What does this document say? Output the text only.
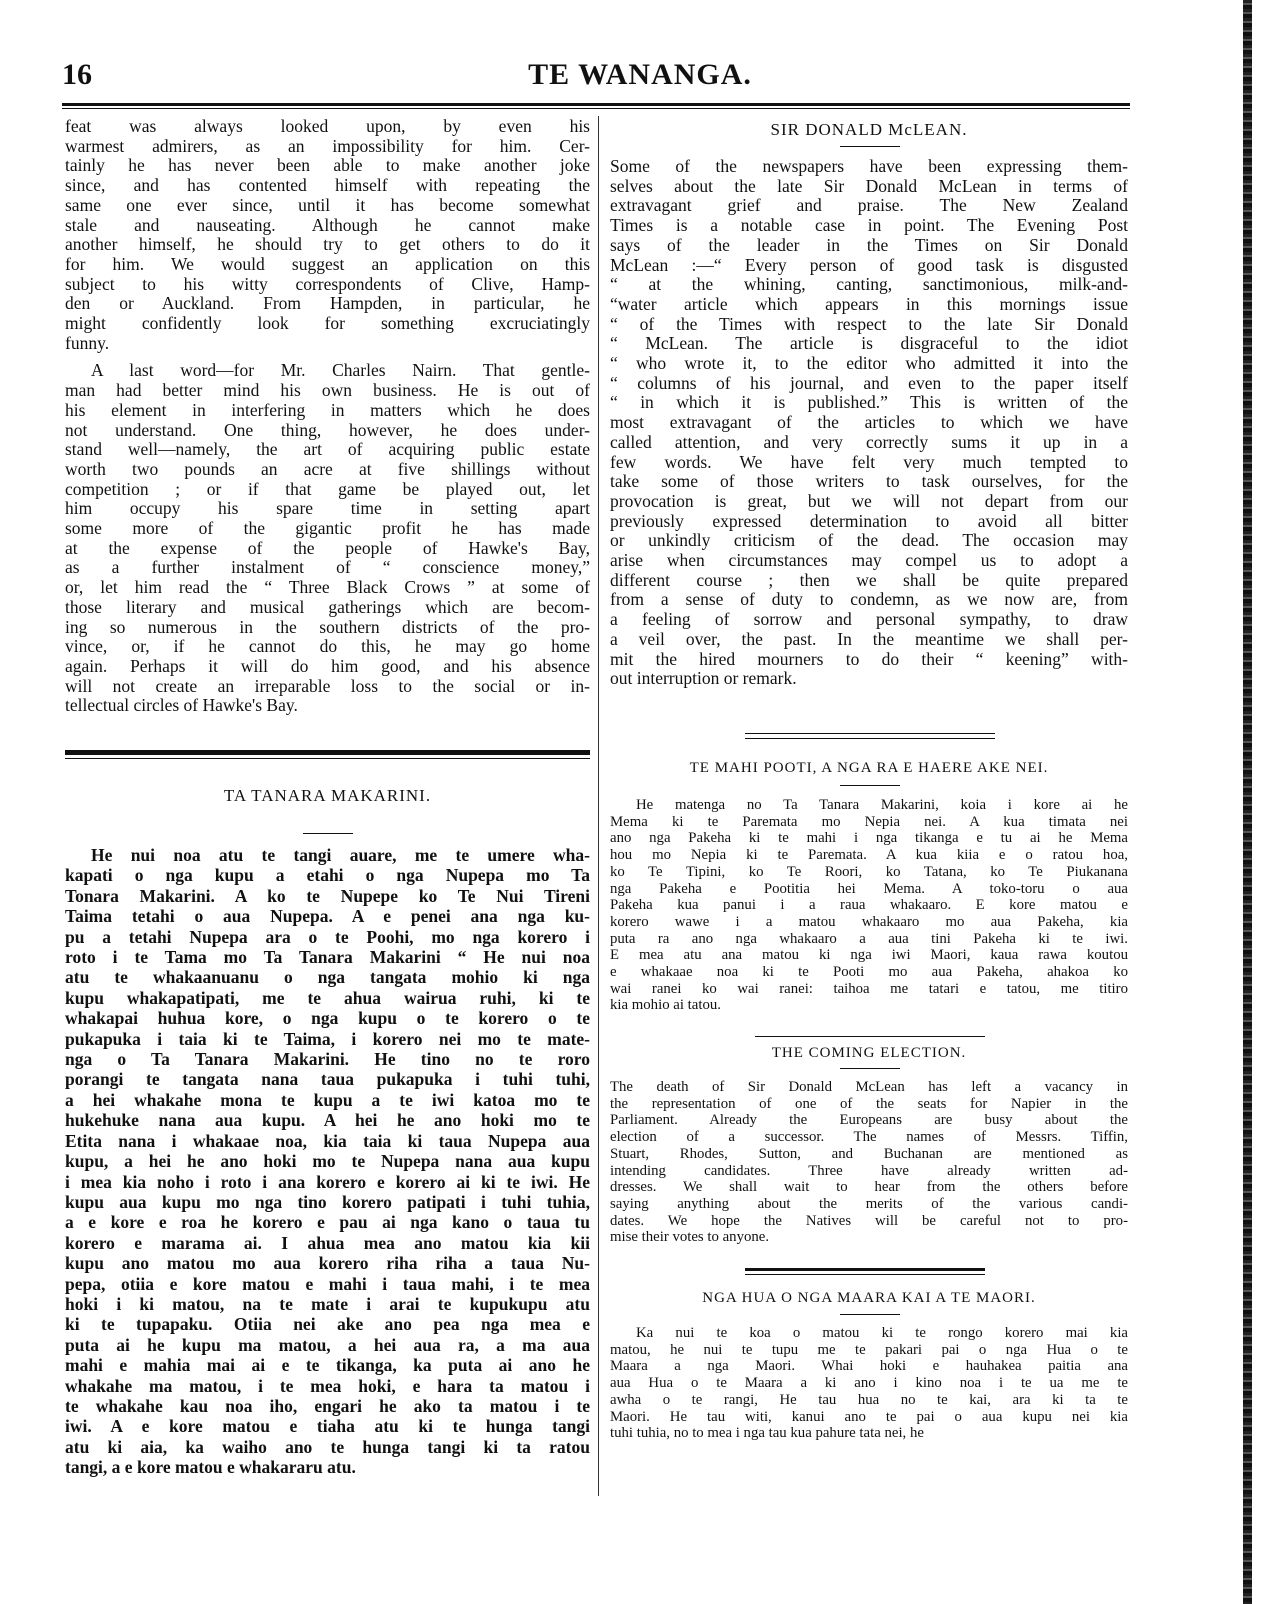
16	TE WANANGA.
feat was always looked upon, by even his
warmest admirers, as an impossibility for him. Cer-
tainly he has never been able to make another joke
since, and has contented himself with repeating the
same one ever since, until it has become somewhat
stale and nauseating. Although he cannot make
another himself, he should try to get others to do it
for him. We would suggest an application on this
subject to his witty correspondents of Clive, Hamp-
den or Auckland. From Hampden, in particular, he
might confidently look for something excruciatingly
funny.
A last word—for Mr. Charles Nairn. That gentle-
man had better mind his own business. He is out of
his element in interfering in matters which he does
not understand. One thing, however, he does under-
stand well—namely, the art of acquiring public estate
worth two pounds an acre at five shillings without
competition ; or if that game be played out, let
him occupy his spare time in setting apart
some more of the gigantic profit he has made
at the expense of the people of Hawke's Bay,
as a further instalment of “ conscience money,”
or, let him read the “ Three Black Crows ” at some of
those literary and musical gatherings which are becom-
ing so numerous in the southern districts of the pro-
vince, or, if he cannot do this, he may go home
again. Perhaps it will do him good, and his absence
will not create an irreparable loss to the social or in-
tellectual circles of Hawke's Bay.
TA TANARA MAKARINI.
He nui noa atu te tangi auare, me te umere wha-
kapati o nga kupu a etahi o nga Nupepa mo Ta
Tonara Makarini. A ko te Nupepe ko Te Nui Tireni
Taima tetahi o aua Nupepa. A e penei ana nga ku-
pu a tetahi Nupepa ara o te Poohi, mo nga korero i
roto i te Tama mo Ta Tanara Makarini “ He nui noa
atu te whakaanuanu o nga tangata mohio ki nga
kupu whakapatipati, me te ahua wairua ruhi, ki te
whakapai huhua kore, o nga kupu o te korero o te
pukapuka i taia ki te Taima, i korero nei mo te mate-
nga o Ta Tanara Makarini. He tino no te roro
porangi te tangata nana taua pukapuka i tuhi tuhi,
a hei whakahe mona te kupu a te iwi katoa mo te
hukehuke nana aua kupu. A hei he ano hoki mo te
Etita nana i whakaae noa, kia taia ki taua Nupepa aua
kupu, a hei he ano hoki mo te Nupepa nana aua kupu
i mea kia noho i roto i ana korero e korero ai ki te iwi. He
kupu aua kupu mo nga tino korero patipati i tuhi tuhia,
a e kore e roa he korero e pau ai nga kano o taua tu
korero e marama ai. I ahua mea ano matou kia kii
kupu ano matou mo aua korero riha riha a taua Nu-
pepa, otiia e kore matou e mahi i taua mahi, i te mea
hoki i ki matou, na te mate i arai te kupukupu atu
ki te tupapaku. Otiia nei ake ano pea nga mea e
puta ai he kupu ma matou, a hei aua ra, a ma aua
mahi e mahia mai ai e te tikanga, ka puta ai ano he
whakahe ma matou, i te mea hoki, e hara ta matou i
te whakahe kau noa iho, engari he ako ta matou i te
iwi. A e kore matou e tiaha atu ki te hunga tangi
atu ki aia, ka waiho ano te hunga tangi ki ta ratou
tangi, a e kore matou e whakararu atu.
SIR DONALD McLEAN.
Some of the newspapers have been expressing them-
selves about the late Sir Donald McLean in terms of
extravagant grief and praise. The New Zealand
Times is a notable case in point. The Evening Post
says of the leader in the Times on Sir Donald
McLean :—“ Every person of good task is disgusted
“ at the whining, canting, sanctimonious, milk-and-
“water article which appears in this mornings issue
“ of the Times with respect to the late Sir Donald
“ McLean. The article is disgraceful to the idiot
“ who wrote it, to the editor who admitted it into the
“ columns of his journal, and even to the paper itself
“ in which it is published.” This is written of the
most extravagant of the articles to which we have
called attention, and very correctly sums it up in a
few words. We have felt very much tempted to
take some of those writers to task ourselves, for the
provocation is great, but we will not depart from our
previously expressed determination to avoid all bitter
or unkindly criticism of the dead. The occasion may
arise when circumstances may compel us to adopt a
different course ; then we shall be quite prepared
from a sense of duty to condemn, as we now are, from
a feeling of sorrow and personal sympathy, to draw
a veil over, the past. In the meantime we shall per-
mit the hired mourners to do their “ keening” with-
out interruption or remark.
TE MAHI POOTI, A NGA RA E HAERE AKE NEI.
He matenga no Ta Tanara Makarini, koia i kore ai he
Mema ki te Paremata mo Nepia nei. A kua timata nei
ano nga Pakeha ki te mahi i nga tikanga e tu ai he Mema
hou mo Nepia ki te Paremata. A kua kiia e o ratou hoa,
ko Te Tipini, ko Te Roori, ko Tatana, ko Te Piukanana
nga Pakeha e Pootitia hei Mema. A toko-toru o aua
Pakeha kua panui i a raua whakaaro. E kore matou e
korero wawe i a matou whakaaro mo aua Pakeha, kia
puta ra ano nga whakaaro a aua tini Pakeha ki te iwi.
E mea atu ana matou ki nga iwi Maori, kaua rawa koutou
e whakaae noa ki te Pooti mo aua Pakeha, ahakoa ko
wai ranei ko wai ranei: taihoa me tatari e tatou, me titiro
kia mohio ai tatou.
THE COMING ELECTION.
The death of Sir Donald McLean has left a vacancy in
the representation of one of the seats for Napier in the
Parliament. Already the Europeans are busy about the
election of a successor. The names of Messrs. Tiffin,
Stuart, Rhodes, Sutton, and Buchanan are mentioned as
intending candidates. Three have already written ad-
dresses. We shall wait to hear from the others before
saying anything about the merits of the various candi-
dates. We hope the Natives will be careful not to pro-
mise their votes to anyone.
NGA HUA O NGA MAARA KAI A TE MAORI.
Ka nui te koa o matou ki te rongo korero mai kia
matou, he nui te tupu me te pakari pai o nga Hua o te
Maara a nga Maori. Whai hoki e hauhakea paitia ana
aua Hua o te Maara a ki ano i kino noa i te ua me te
awha o te rangi, He tau hua no te kai, ara ki ta te
Maori. He tau witi, kanui ano te pai o aua kupu nei kia
tuhi tuhia, no to mea i nga tau kua pahure tata nei, he
